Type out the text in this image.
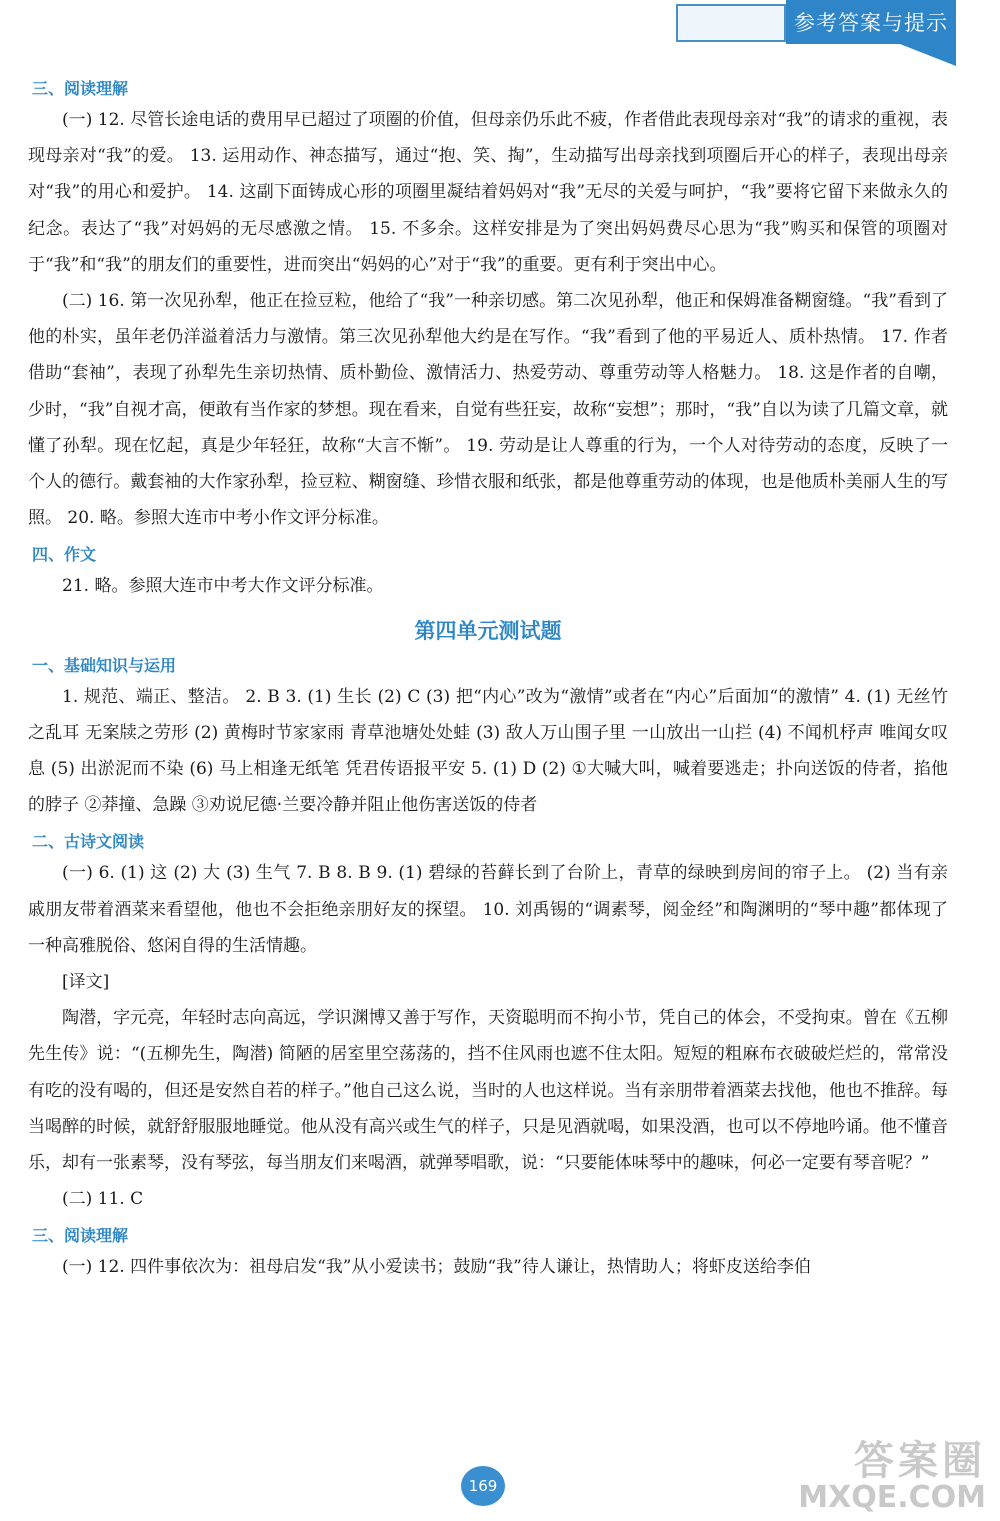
参考答案与提示
三、阅读理解

(一) 12. 尽管长途电话的费用早已超过了项圈的价值，但母亲仍乐此不疲，作者借此表现母亲对“我”的请求的重视，表现母亲对“我”的爱。 13. 运用动作、神态描写，通过“抱、笑、掏”，生动描写出母亲找到项圈后开心的样子，表现出母亲对“我”的用心和爱护。 14. 这副下面铸成心形的项圈里凝结着妈妈对“我”无尽的关爱与呵护，“我”要将它留下来做永久的纪念。表达了“我”对妈妈的无尽感激之情。 15. 不多余。这样安排是为了突出妈妈费尽心思为“我”购买和保管的项圈对于“我”和“我”的朋友们的重要性，进而突出“妈妈的心”对于“我”的重要。更有利于突出中心。

(二) 16. 第一次见孙犁，他正在捡豆粒，他给了“我”一种亲切感。第二次见孙犁，他正和保姆准备糊窗缝。“我”看到了他的朴实，虽年老仍洋溢着活力与激情。第三次见孙犁他大约是在写作。“我”看到了他的平易近人、质朴热情。 17. 作者借助“套袖”，表现了孙犁先生亲切热情、质朴勤俭、激情活力、热爱劳动、尊重劳动等人格魅力。 18. 这是作者的自嘲，少时，“我”自视才高，便敢有当作家的梦想。现在看来，自觉有些狂妄，故称“妄想”；那时，“我”自以为读了几篇文章，就懂了孙犁。现在忆起，真是少年轻狂，故称“大言不惭”。 19. 劳动是让人尊重的行为，一个人对待劳动的态度，反映了一个人的德行。戴套袖的大作家孙犁，捡豆粒、糊窗缝、珍惜衣服和纸张，都是他尊重劳动的体现，也是他质朴美丽人生的写照。 20. 略。参照大连市中考小作文评分标准。

四、作文

21. 略。参照大连市中考大作文评分标准。

第四单元测试题
一、基础知识与运用

1. 规范、端正、整洁。 2. B 3. (1) 生长 (2) C (3) 把“内心”改为“激情”或者在“内心”后面加“的激情” 4. (1) 无丝竹之乱耳 无案牍之劳形 (2) 黄梅时节家家雨 青草池塘处处蛙 (3) 敌人万山围子里 一山放出一山拦 (4) 不闻机杼声 唯闻女叹息 (5) 出淤泥而不染 (6) 马上相逢无纸笔 凭君传语报平安 5. (1) D (2) ①大喊大叫，喊着要逃走；扑向送饭的侍者，掐他的脖子 ②莽撞、急躁 ③劝说尼德·兰要冷静并阻止他伤害送饭的侍者

二、古诗文阅读

(一) 6. (1) 这 (2) 大 (3) 生气 7. B 8. B 9. (1) 碧绿的苔藓长到了台阶上，青草的绿映到房间的帘子上。 (2) 当有亲戚朋友带着酒菜来看望他，他也不会拒绝亲朋好友的探望。 10. 刘禹锡的“调素琴，阅金经”和陶渊明的“琴中趣”都体现了一种高雅脱俗、悠闲自得的生活情趣。

[译文]

陶潜，字元亮，年轻时志向高远，学识渊博又善于写作，天资聪明而不拘小节，凭自己的体会，不受拘束。曾在《五柳先生传》说：“(五柳先生，陶潜) 简陋的居室里空荡荡的，挡不住风雨也遮不住太阳。短短的粗麻布衣破破烂烂的，常常没有吃的没有喝的，但还是安然自若的样子。”他自己这么说，当时的人也这样说。当有亲朋带着酒菜去找他，他也不推辞。每当喝醉的时候，就舒舒服服地睡觉。他从没有高兴或生气的样子，只是见酒就喝，如果没酒，也可以不停地吟诵。他不懂音乐，却有一张素琴，没有琴弦，每当朋友们来喝酒，就弹琴唱歌，说：“只要能体味琴中的趣味，何必一定要有琴音呢？”

(二) 11. C

三、阅读理解

(一) 12. 四件事依次为：祖母启发“我”从小爱读书；鼓励“我”待人谦让，热情助人；将虾皮送给李伯

169
答案圈
MXQE.COM
